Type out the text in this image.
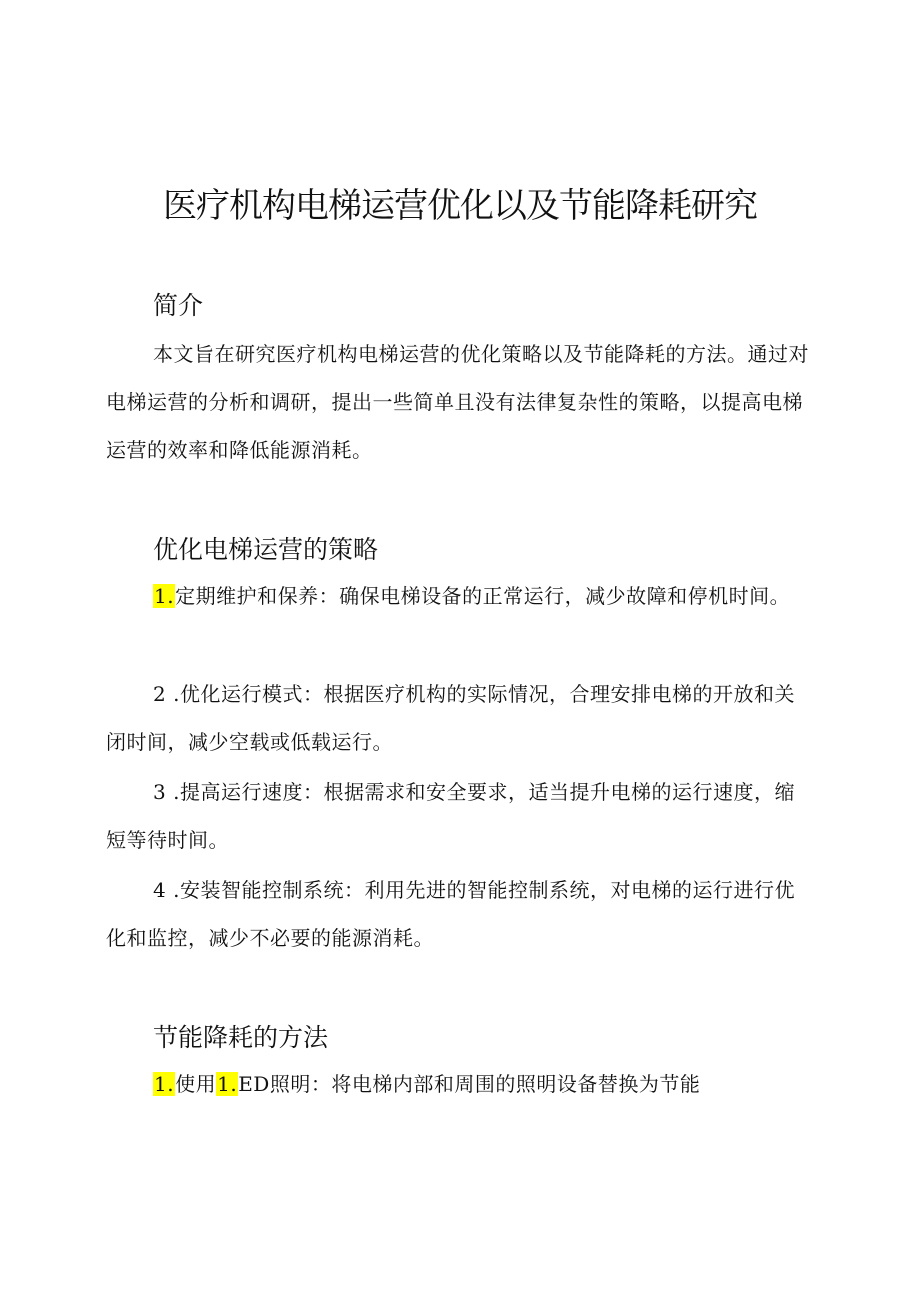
医疗机构电梯运营优化以及节能降耗研究
简介

本文旨在研究医疗机构电梯运营的优化策略以及节能降耗的方法。通过对电梯运营的分析和调研，提出一些简单且没有法律复杂性的策略，以提高电梯运营的效率和降低能源消耗。

优化电梯运营的策略

1.定期维护和保养：确保电梯设备的正常运行，减少故障和停机时间。

2 .优化运行模式：根据医疗机构的实际情况，合理安排电梯的开放和关闭时间，减少空载或低载运行。

3 .提高运行速度：根据需求和安全要求，适当提升电梯的运行速度，缩短等待时间。

4 .安装智能控制系统：利用先进的智能控制系统，对电梯的运行进行优化和监控，减少不必要的能源消耗。

节能降耗的方法

1.使用1.ED照明：将电梯内部和周围的照明设备替换为节能
